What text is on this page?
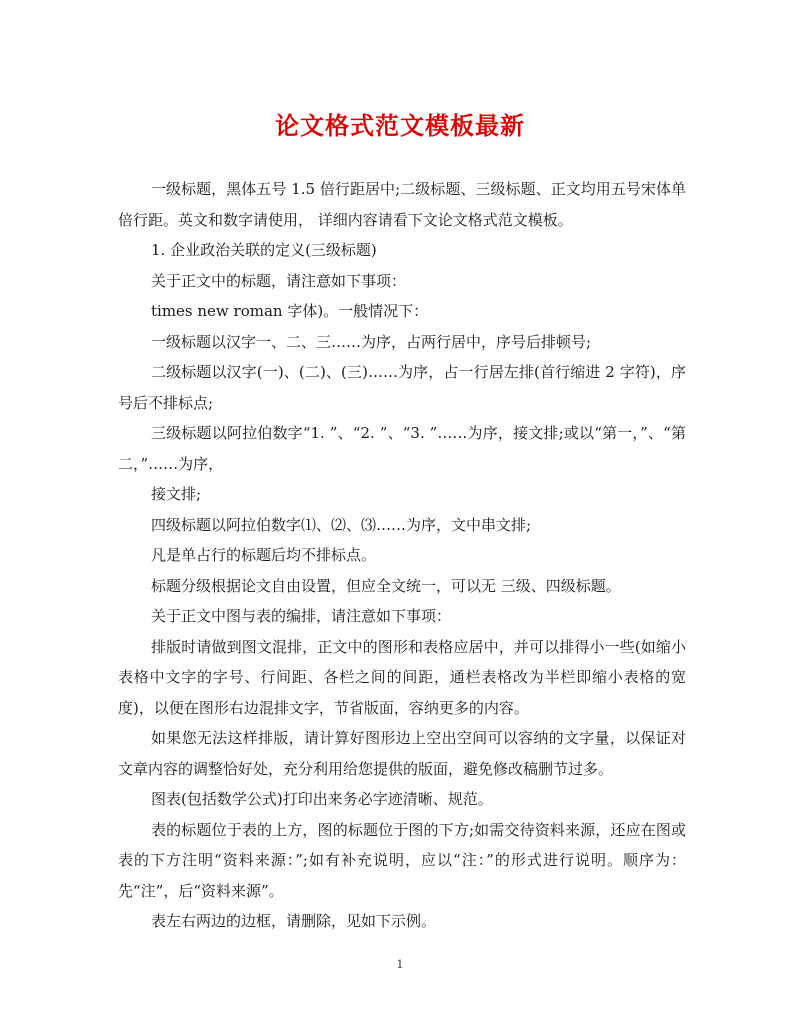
论文格式范文模板最新

一级标题，黑体五号 1.5 倍行距居中;二级标题、三级标题、正文均用五号宋体单倍行距。英文和数字请使用， 详细内容请看下文论文格式范文模板。

1. 企业政治关联的定义(三级标题)

关于正文中的标题，请注意如下事项：

times new roman 字体)。一般情况下：

一级标题以汉字一、二、三……为序，占两行居中，序号后排顿号;

二级标题以汉字(一)、(二)、(三)……为序，占一行居左排(首行缩进 2 字符)，序号后不排标点;

三级标题以阿拉伯数字“1. ”、“2. ”、“3. ”……为序，接文排;或以“第一，”、“第二，”……为序，

接文排;

四级标题以阿拉伯数字⑴、⑵、⑶……为序，文中串文排;

凡是单占行的标题后均不排标点。

标题分级根据论文自由设置，但应全文统一，可以无 三级、四级标题。

关于正文中图与表的编排，请注意如下事项：

排版时请做到图文混排，正文中的图形和表格应居中，并可以排得小一些(如缩小表格中文字的字号、行间距、各栏之间的间距，通栏表格改为半栏即缩小表格的宽度)，以便在图形右边混排文字，节省版面，容纳更多的内容。

如果您无法这样排版，请计算好图形边上空出空间可以容纳的文字量，以保证对文章内容的调整恰好处，充分利用给您提供的版面，避免修改稿删节过多。

图表(包括数学公式)打印出来务必字迹清晰、规范。

表的标题位于表的上方，图的标题位于图的下方;如需交待资料来源，还应在图或表的下方注明“资料来源：”;如有补充说明，应以“注：”的形式进行说明。顺序为：先“注”，后“资料来源”。

表左右两边的边框，请删除，见如下示例。

1
